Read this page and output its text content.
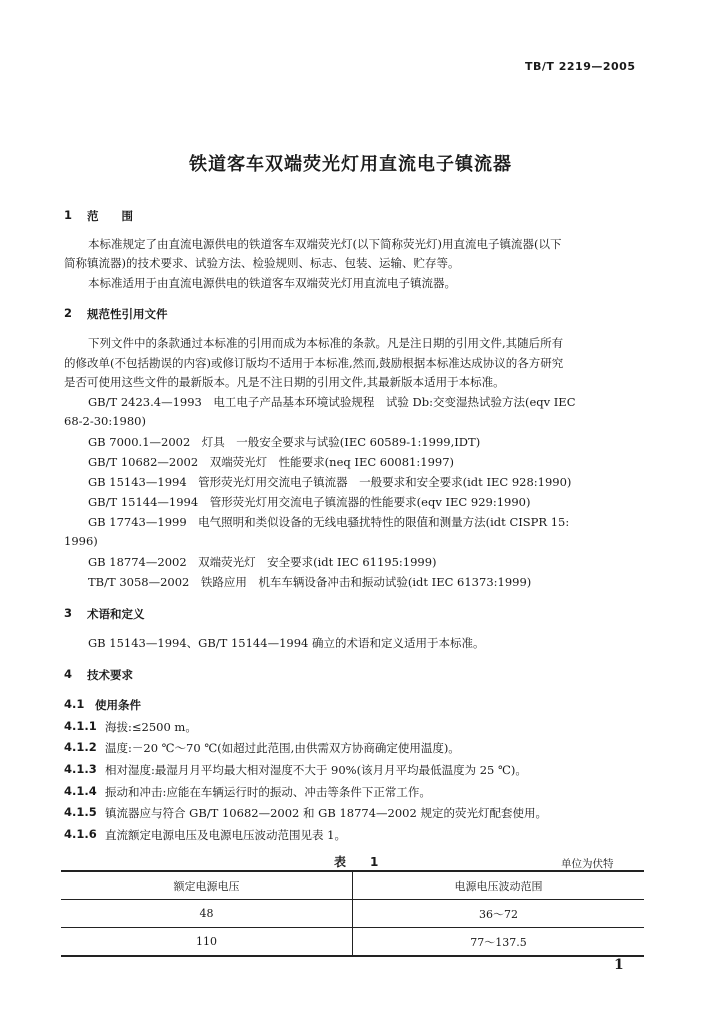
TB/T 2219—2005
铁道客车双端荧光灯用直流电子镇流器
1 范　　围
本标准规定了由直流电源供电的铁道客车双端荧光灯(以下简称荧光灯)用直流电子镇流器(以下
简称镇流器)的技术要求、试验方法、检验规则、标志、包装、运输、贮存等。
本标准适用于由直流电源供电的铁道客车双端荧光灯用直流电子镇流器。
2 规范性引用文件
下列文件中的条款通过本标准的引用而成为本标准的条款。凡是注日期的引用文件,其随后所有
的修改单(不包括勘误的内容)或修订版均不适用于本标准,然而,鼓励根据本标准达成协议的各方研究
是否可使用这些文件的最新版本。凡是不注日期的引用文件,其最新版本适用于本标准。
GB/T 2423.4—1993　电工电子产品基本环境试验规程　试验 Db:交变湿热试验方法(eqv IEC
68-2-30:1980)
GB 7000.1—2002　灯具　一般安全要求与试验(IEC 60589-1:1999,IDT)
GB/T 10682—2002　双端荧光灯　性能要求(neq IEC 60081:1997)
GB 15143—1994　管形荧光灯用交流电子镇流器　一般要求和安全要求(idt IEC 928:1990)
GB/T 15144—1994　管形荧光灯用交流电子镇流器的性能要求(eqv IEC 929:1990)
GB 17743—1999　电气照明和类似设备的无线电骚扰特性的限值和测量方法(idt CISPR 15:
1996)
GB 18774—2002　双端荧光灯　安全要求(idt IEC 61195:1999)
TB/T 3058—2002　铁路应用　机车车辆设备冲击和振动试验(idt IEC 61373:1999)
3 术语和定义
GB 15143—1994、GB/T 15144—1994 确立的术语和定义适用于本标准。
4 技术要求
4.1 使用条件
4.1.1 海拔:≤2500 m。
4.1.2 温度:－20 ℃～70 ℃(如超过此范围,由供需双方协商确定使用温度)。
4.1.3 相对湿度:最湿月月平均最大相对湿度不大于 90%(该月月平均最低温度为 25 ℃)。
4.1.4 振动和冲击:应能在车辆运行时的振动、冲击等条件下正常工作。
4.1.5 镇流器应与符合 GB/T 10682—2002 和 GB 18774—2002 规定的荧光灯配套使用。
4.1.6 直流额定电源电压及电源电压波动范围见表 1。
表　1	单位为伏特
额定电源电压	电源电压波动范围
48	36～72
110	77～137.5
1
